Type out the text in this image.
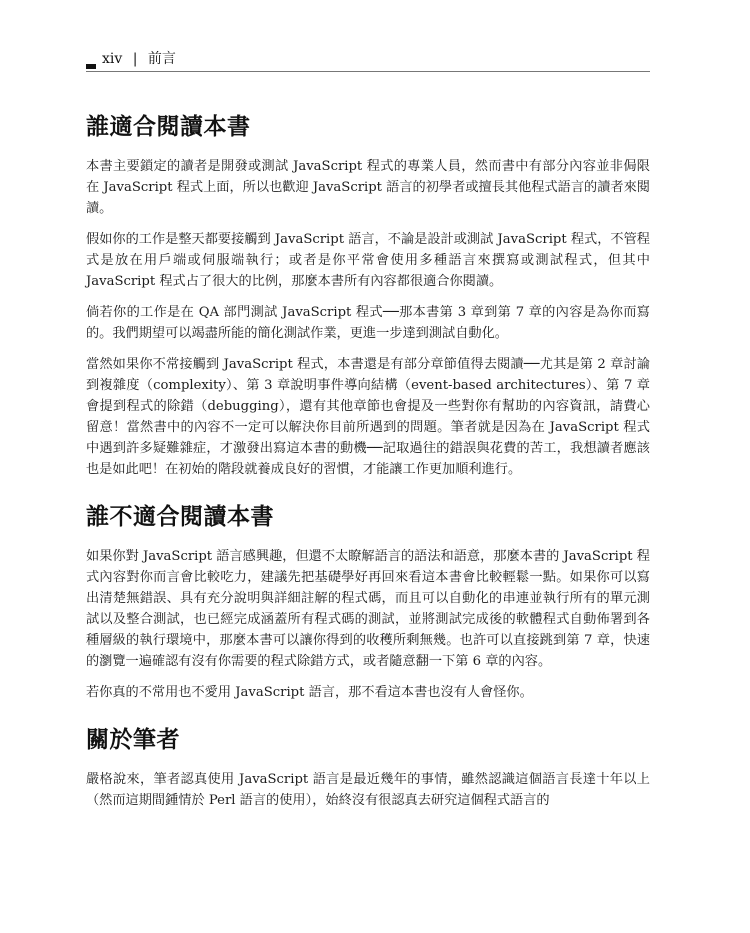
xiv | 前言
誰適合閱讀本書

本書主要鎖定的讀者是開發或測試 JavaScript 程式的專業人員，然而書中有部分內容並非侷限在 JavaScript 程式上面，所以也歡迎 JavaScript 語言的初學者或擅長其他程式語言的讀者來閱讀。

假如你的工作是整天都要接觸到 JavaScript 語言，不論是設計或測試 JavaScript 程式，不管程式是放在用戶端或伺服端執行；或者是你平常會使用多種語言來撰寫或測試程式，但其中 JavaScript 程式占了很大的比例，那麼本書所有內容都很適合你閱讀。

倘若你的工作是在 QA 部門測試 JavaScript 程式──那本書第 3 章到第 7 章的內容是為你而寫的。我們期望可以竭盡所能的簡化測試作業，更進一步達到測試自動化。

當然如果你不常接觸到 JavaScript 程式，本書還是有部分章節值得去閱讀──尤其是第 2 章討論到複雜度（complexity）、第 3 章說明事件導向結構（event-based architectures）、第 7 章會提到程式的除錯（debugging），還有其他章節也會提及一些對你有幫助的內容資訊，請費心留意！當然書中的內容不一定可以解決你目前所遇到的問題。筆者就是因為在 JavaScript 程式中遇到許多疑難雜症，才激發出寫這本書的動機──記取過往的錯誤與花費的苦工，我想讀者應該也是如此吧！在初始的階段就養成良好的習慣，才能讓工作更加順利進行。

誰不適合閱讀本書

如果你對 JavaScript 語言感興趣，但還不太瞭解語言的語法和語意，那麼本書的 JavaScript 程式內容對你而言會比較吃力，建議先把基礎學好再回來看這本書會比較輕鬆一點。如果你可以寫出清楚無錯誤、具有充分說明與詳細註解的程式碼，而且可以自動化的串連並執行所有的單元測試以及整合測試，也已經完成涵蓋所有程式碼的測試，並將測試完成後的軟體程式自動佈署到各種層級的執行環境中，那麼本書可以讓你得到的收穫所剩無幾。也許可以直接跳到第 7 章，快速的瀏覽一遍確認有沒有你需要的程式除錯方式，或者隨意翻一下第 6 章的內容。

若你真的不常用也不愛用 JavaScript 語言，那不看這本書也沒有人會怪你。

關於筆者

嚴格說來，筆者認真使用 JavaScript 語言是最近幾年的事情，雖然認識這個語言長達十年以上（然而這期間鍾情於 Perl 語言的使用），始終沒有很認真去研究這個程式語言的
